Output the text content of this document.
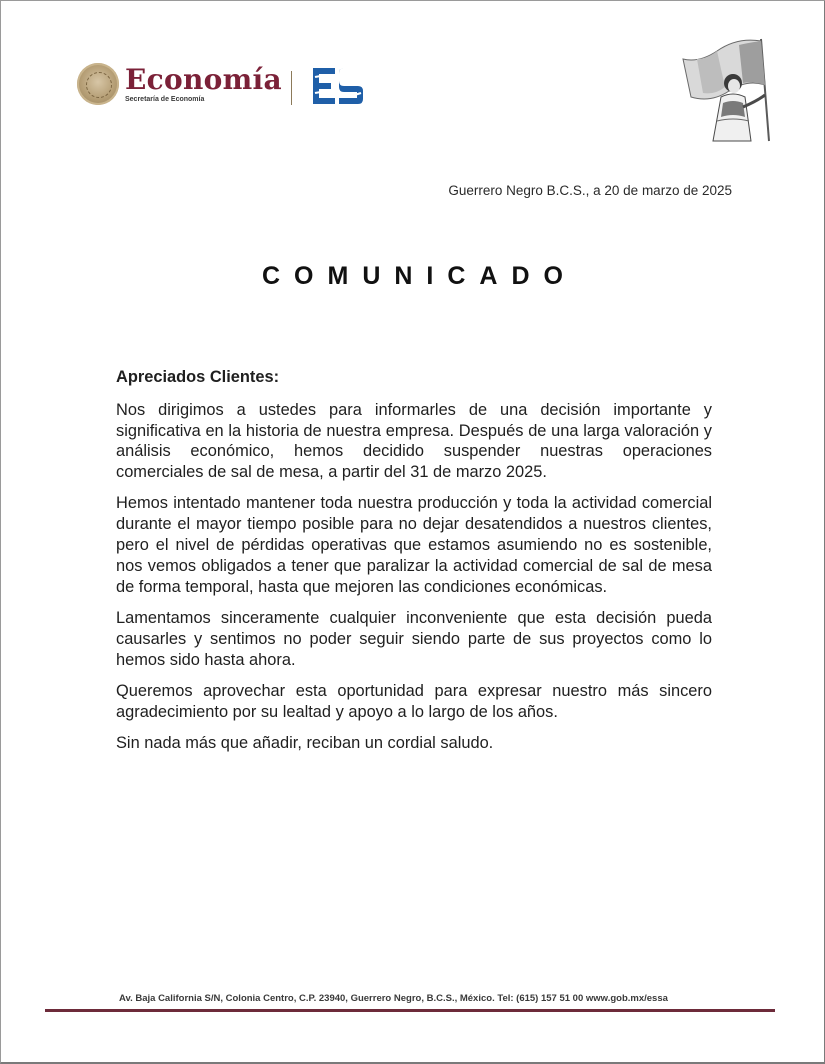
Economía
Secretaría de Economía
Guerrero Negro B.C.S., a 20 de marzo de 2025
COMUNICADO
Apreciados Clientes:

Nos dirigimos a ustedes para informarles de una decisión importante y significativa en la historia de nuestra empresa. Después de una larga valoración y análisis económico, hemos decidido suspender nuestras operaciones comerciales de sal de mesa, a partir del 31 de marzo 2025.

Hemos intentado mantener toda nuestra producción y toda la actividad comercial durante el mayor tiempo posible para no dejar desatendidos a nuestros clientes, pero el nivel de pérdidas operativas que estamos asumiendo no es sostenible, nos vemos obligados a tener que paralizar la actividad comercial de sal de mesa de forma temporal, hasta que mejoren las condiciones económicas.

Lamentamos sinceramente cualquier inconveniente que esta decisión pueda causarles y sentimos no poder seguir siendo parte de sus proyectos como lo hemos sido hasta ahora.

Queremos aprovechar esta oportunidad para expresar nuestro más sincero agradecimiento por su lealtad y apoyo a lo largo de los años.

Sin nada más que añadir, reciban un cordial saludo.

Av. Baja California S/N, Colonia Centro, C.P. 23940, Guerrero Negro, B.C.S., México. Tel: (615) 157 51 00 www.gob.mx/essa
